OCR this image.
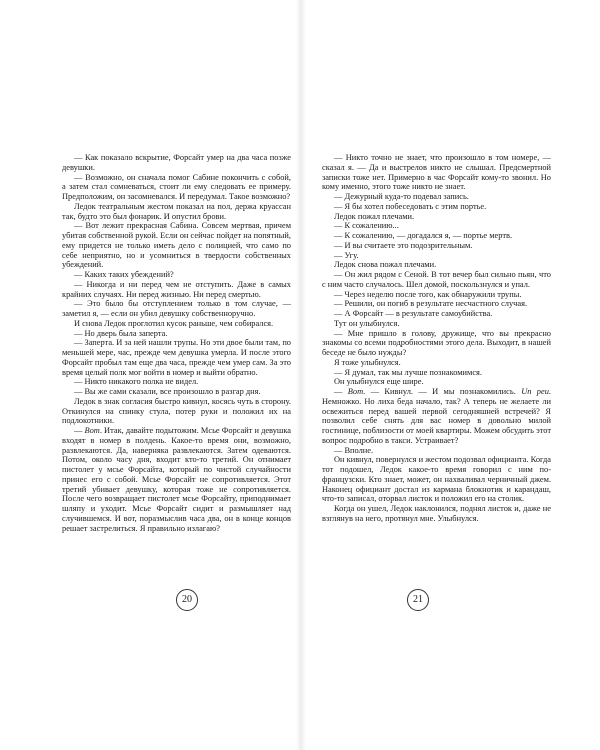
— Как показало вскрытие, Форсайт умер на два часа позже девушки.

— Возможно, он сначала помог Сабине покончить с собой, а затем стал сомневаться, стоит ли ему следовать ее примеру. Предположим, он засомневался. И передумал. Такое возможно?

Ледок театральным жестом показал на пол, держа круассан так, будто это был фонарик. И опустил брови.

— Вот лежит прекрасная Сабина. Совсем мертвая, причем убитая собственной рукой. Если он сейчас пойдет на попятный, ему придется не только иметь дело с полицией, что само по себе неприятно, но и усомниться в твердости собственных убеждений.

— Каких таких убеждений?

— Никогда и ни перед чем не отступить. Даже в самых крайних случаях. Ни перед жизнью. Ни перед смертью.

— Это было бы отступлением только в том случае, — заметил я, — если он убил девушку собственноручно.

И снова Ледок проглотил кусок раньше, чем собирался.

— Но дверь была заперта.

— Заперта. И за ней нашли трупы. Но эти двое были там, по меньшей мере, час, прежде чем девушка умерла. И после этого Форсайт пробыл там еще два часа, прежде чем умер сам. За это время целый полк мог войти в номер и выйти обратно.

— Никто никакого полка не видел.

— Вы же сами сказали, все произошло в разгар дня.

Ледок в знак согласия быстро кивнул, косясь чуть в сторону. Откинулся на спинку стула, потер руки и положил их на подлокотники.

— Вот. Итак, давайте подытожим. Мсье Форсайт и девушка входят в номер в полдень. Какое-то время они, возможно, развлекаются. Да, наверняка развлекаются. Затем одеваются. Потом, около часу дня, входит кто-то третий. Он отнимает пистолет у мсье Форсайта, который по чистой случайности принес его с собой. Мсье Форсайт не сопротивляется. Этот третий убивает девушку, которая тоже не сопротивляется. После чего возвращает пистолет мсье Форсайту, приподнимает шляпу и уходит. Мсье Форсайт сидит и размышляет над случившемся. И вот, поразмыслив часа два, он в конце концов решает застрелиться. Я правильно излагаю?

— Никто точно не знает, что произошло в том номере, — сказал я. — Да и выстрелов никто не слышал. Предсмертной записки тоже нет. Примерно в час Форсайт кому-то звонил. Но кому именно, этого тоже никто не знает.

— Дежурный куда-то подевал запись.

— Я бы хотел побеседовать с этим портье.

Ледок пожал плечами.

— К сожалению...

— К сожалению, — догадался я, — портье мертв.

— И вы считаете это подозрительным.

— Угу.

Ледок снова пожал плечами.

— Он жил рядом с Сеной. В тот вечер был сильно пьян, что с ним часто случалось. Шел домой, поскользнулся и упал.

— Через неделю после того, как обнаружили трупы.

— Решили, он погиб в результате несчастного случая.

— А Форсайт — в результате самоубийства.

Тут он улыбнулся.

— Мне пришло в голову, дружище, что вы прекрасно знакомы со всеми подробностями этого дела. Выходит, в нашей беседе не было нужды?

Я тоже улыбнулся.

— Я думал, так мы лучше познакомимся.

Он улыбнулся еще шире.

— Вот. — Кивнул. — И мы познакомились. Un peu. Немножко. Но лиха беда начало, так? А теперь не желаете ли освежиться перед вашей первой сегодняшней встречей? Я позволил себе снять для вас номер в довольно милой гостинице, поблизости от моей квартиры. Можем обсудить этот вопрос подробно в такси. Устраивает?

— Вполне.

Он кивнул, повернулся и жестом подозвал официанта. Когда тот подошел, Ледок какое-то время говорил с ним по-французски. Кто знает, может, он нахваливал черничный джем. Наконец официант достал из кармана блокнотик и карандаш, что-то записал, оторвал листок и положил его на столик.

Когда он ушел, Ледок наклонился, поднял листок и, даже не взглянув на него, протянул мне. Улыбнулся.

20	21
